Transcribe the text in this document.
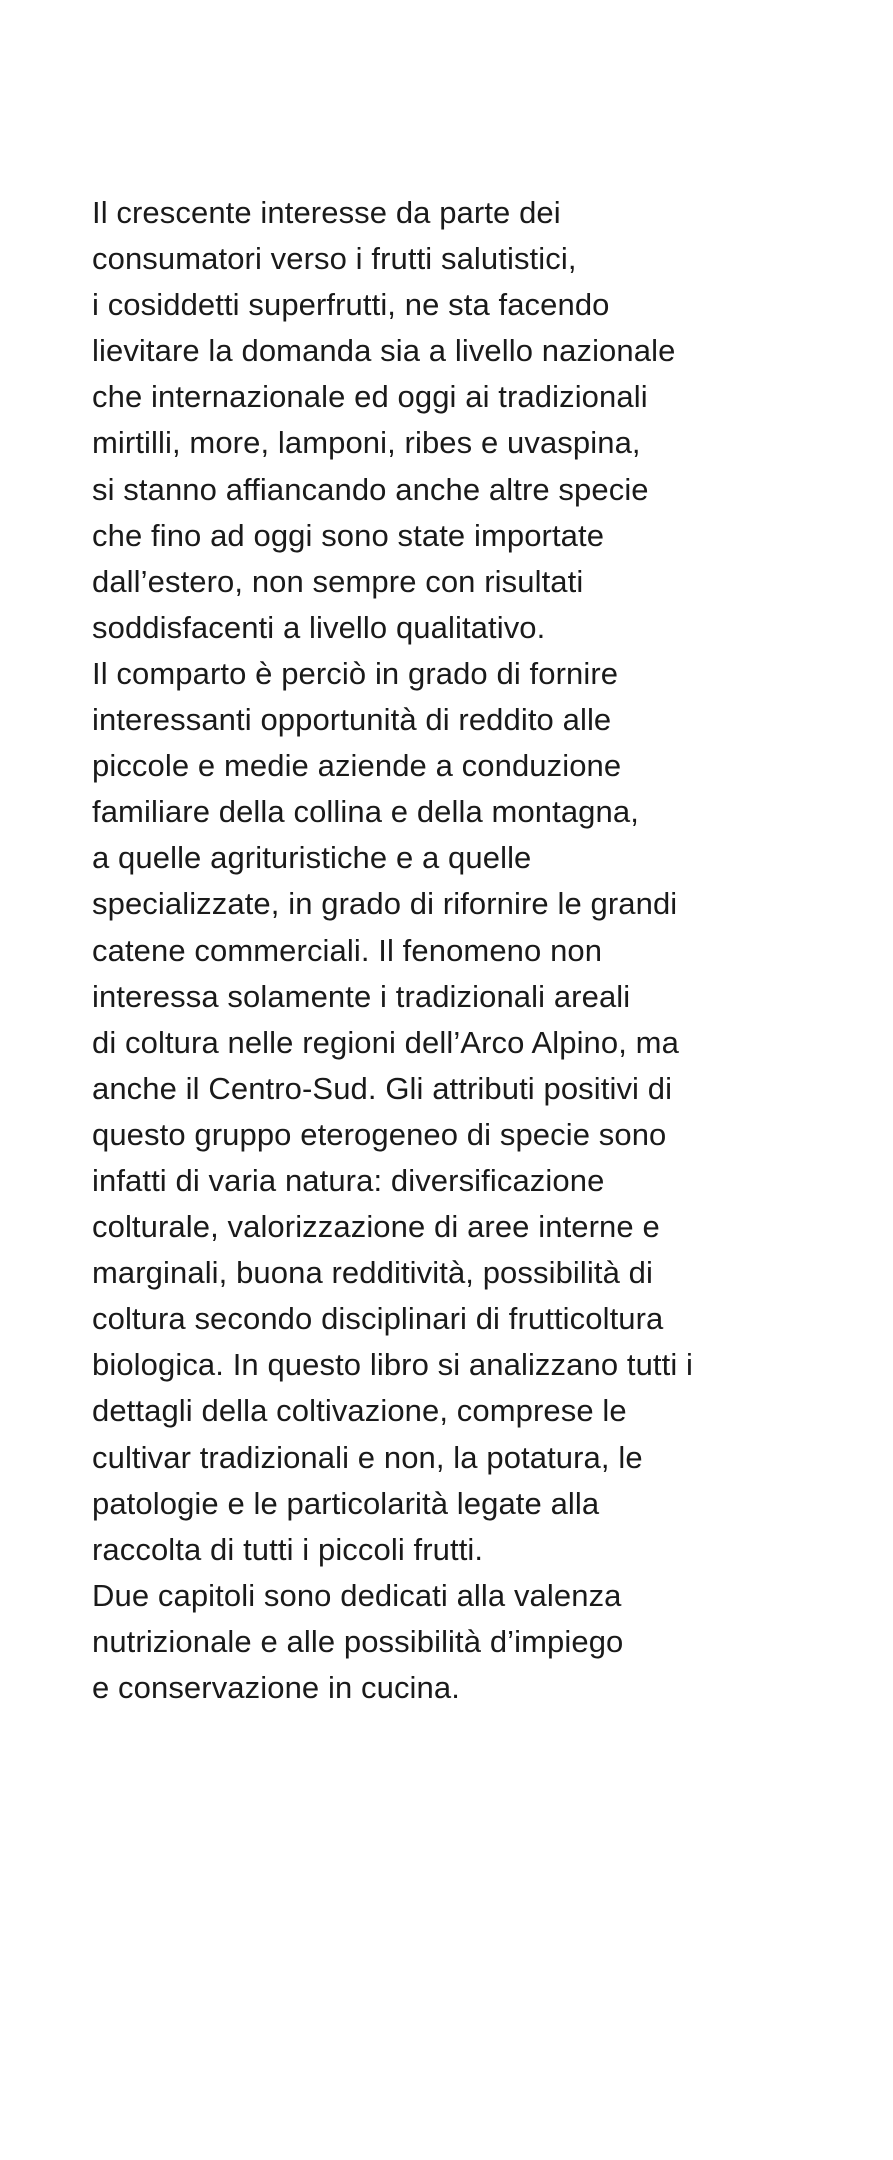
Il crescente interesse da parte dei
consumatori verso i frutti salutistici,
i cosiddetti superfrutti, ne sta facendo
lievitare la domanda sia a livello nazionale
che internazionale ed oggi ai tradizionali
mirtilli, more, lamponi, ribes e uvaspina,
si stanno affiancando anche altre specie
che fino ad oggi sono state importate
dall’estero, non sempre con risultati
soddisfacenti a livello qualitativo.
Il comparto è perciò in grado di fornire
interessanti opportunità di reddito alle
piccole e medie aziende a conduzione
familiare della collina e della montagna,
a quelle agrituristiche e a quelle
specializzate, in grado di rifornire le grandi
catene commerciali. Il fenomeno non
interessa solamente i tradizionali areali
di coltura nelle regioni dell’Arco Alpino, ma
anche il Centro-Sud. Gli attributi positivi di
questo gruppo eterogeneo di specie sono
infatti di varia natura: diversificazione
colturale, valorizzazione di aree interne e
marginali, buona redditività, possibilità di
coltura secondo disciplinari di frutticoltura
biologica. In questo libro si analizzano tutti i
dettagli della coltivazione, comprese le
cultivar tradizionali e non, la potatura, le
patologie e le particolarità legate alla
raccolta di tutti i piccoli frutti.
Due capitoli sono dedicati alla valenza
nutrizionale e alle possibilità d’impiego
e conservazione in cucina.
